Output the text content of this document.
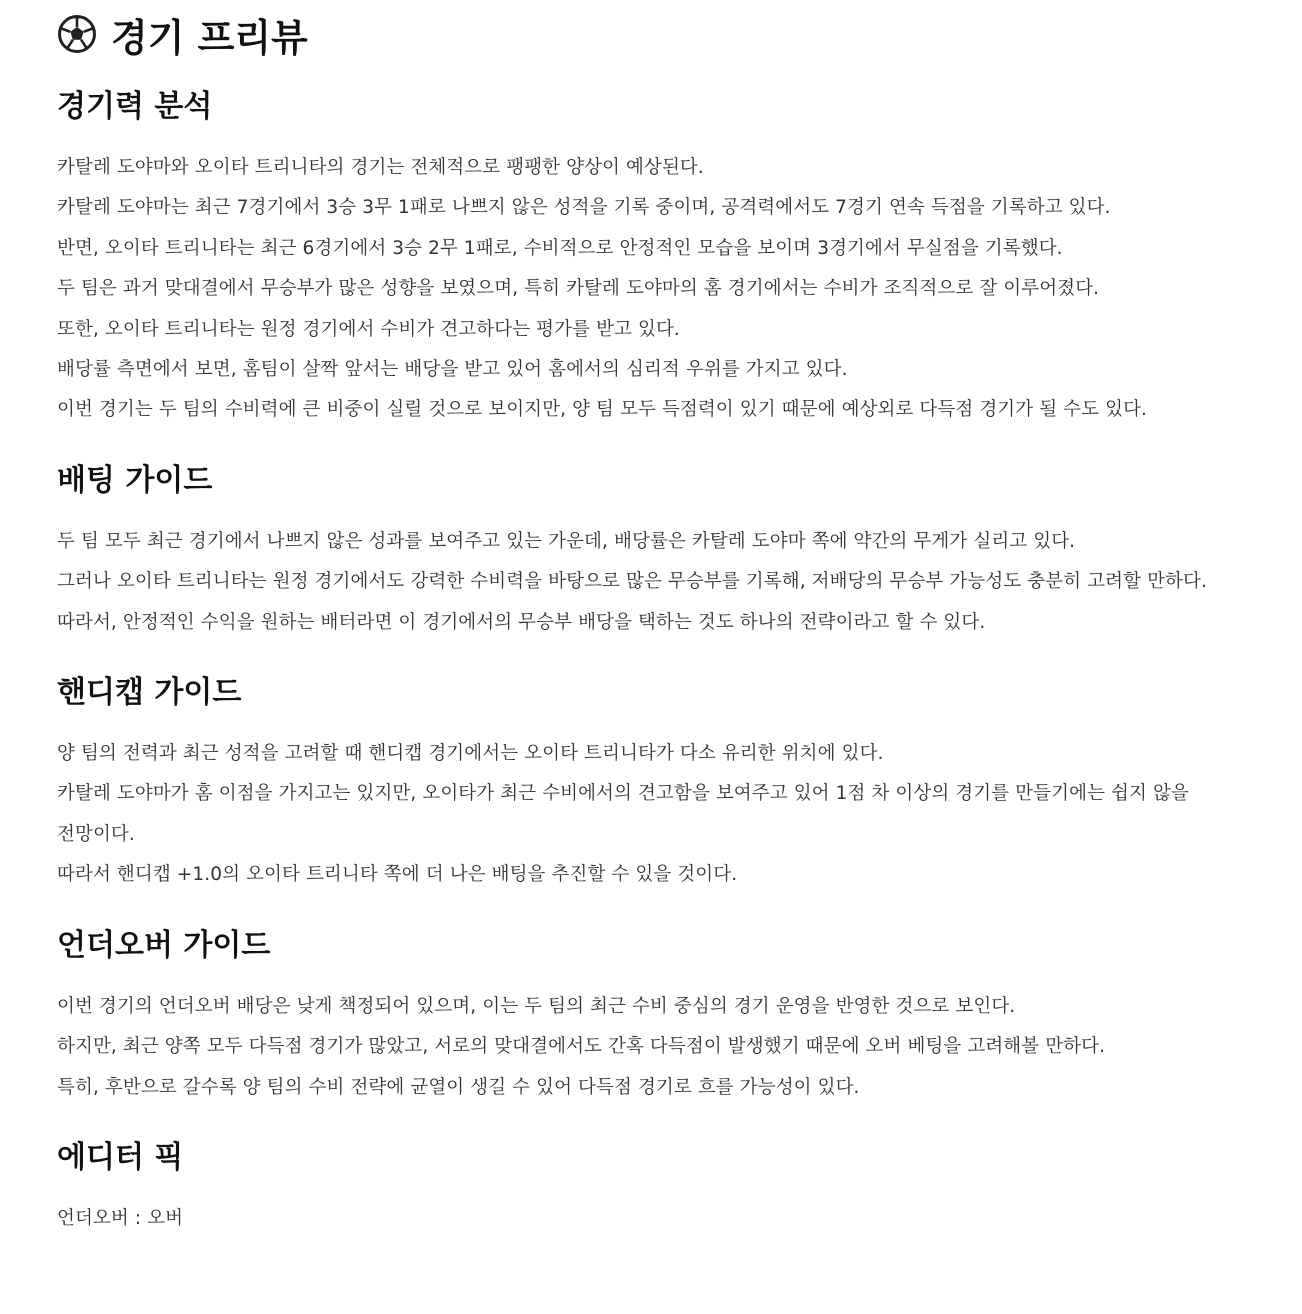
경기 프리뷰
경기력 분석

카탈레 도야마와 오이타 트리니타의 경기는 전체적으로 팽팽한 양상이 예상된다.

카탈레 도야마는 최근 7경기에서 3승 3무 1패로 나쁘지 않은 성적을 기록 중이며, 공격력에서도 7경기 연속 득점을 기록하고 있다.

반면, 오이타 트리니타는 최근 6경기에서 3승 2무 1패로, 수비적으로 안정적인 모습을 보이며 3경기에서 무실점을 기록했다.

두 팀은 과거 맞대결에서 무승부가 많은 성향을 보였으며, 특히 카탈레 도야마의 홈 경기에서는 수비가 조직적으로 잘 이루어졌다.

또한, 오이타 트리니타는 원정 경기에서 수비가 견고하다는 평가를 받고 있다.

배당률 측면에서 보면, 홈팀이 살짝 앞서는 배당을 받고 있어 홈에서의 심리적 우위를 가지고 있다.

이번 경기는 두 팀의 수비력에 큰 비중이 실릴 것으로 보이지만, 양 팀 모두 득점력이 있기 때문에 예상외로 다득점 경기가 될 수도 있다.

배팅 가이드

두 팀 모두 최근 경기에서 나쁘지 않은 성과를 보여주고 있는 가운데, 배당률은 카탈레 도야마 쪽에 약간의 무게가 실리고 있다.

그러나 오이타 트리니타는 원정 경기에서도 강력한 수비력을 바탕으로 많은 무승부를 기록해, 저배당의 무승부 가능성도 충분히 고려할 만하다.

따라서, 안정적인 수익을 원하는 배터라면 이 경기에서의 무승부 배당을 택하는 것도 하나의 전략이라고 할 수 있다.

핸디캡 가이드

양 팀의 전력과 최근 성적을 고려할 때 핸디캡 경기에서는 오이타 트리니타가 다소 유리한 위치에 있다.

카탈레 도야마가 홈 이점을 가지고는 있지만, 오이타가 최근 수비에서의 견고함을 보여주고 있어 1점 차 이상의 경기를 만들기에는 쉽지 않을 전망이다.

따라서 핸디캡 +1.0의 오이타 트리니타 쪽에 더 나은 배팅을 추진할 수 있을 것이다.

언더오버 가이드

이번 경기의 언더오버 배당은 낮게 책정되어 있으며, 이는 두 팀의 최근 수비 중심의 경기 운영을 반영한 것으로 보인다.

하지만, 최근 양쪽 모두 다득점 경기가 많았고, 서로의 맞대결에서도 간혹 다득점이 발생했기 때문에 오버 베팅을 고려해볼 만하다.

특히, 후반으로 갈수록 양 팀의 수비 전략에 균열이 생길 수 있어 다득점 경기로 흐를 가능성이 있다.

에디터 픽

언더오버 : 오버
